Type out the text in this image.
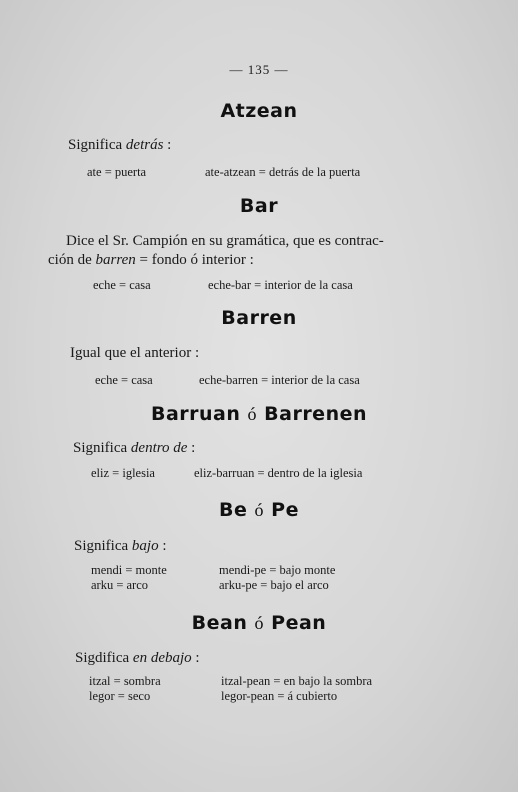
— 135 —
Atzean
Significa detrás :
ate = puerta	ate-atzean = detrás de la puerta
Bar
Dice el Sr. Campión en su gramática, que es contrac-
ción de barren = fondo ó interior :
eche = casa	eche-bar = interior de la casa
Barren
Igual que el anterior :
eche = casa	eche-barren = interior de la casa
Barruan ó Barrenen
Significa dentro de :
eliz = iglesia	eliz-barruan = dentro de la iglesia
Be ó Pe
Significa bajo :
mendi = monte	mendi-pe = bajo monte
arku = arco	arku-pe = bajo el arco
Bean ó Pean
Sigdifica en debajo :
itzal = sombra	itzal-pean = en bajo la sombra
legor = seco	legor-pean = á cubierto
